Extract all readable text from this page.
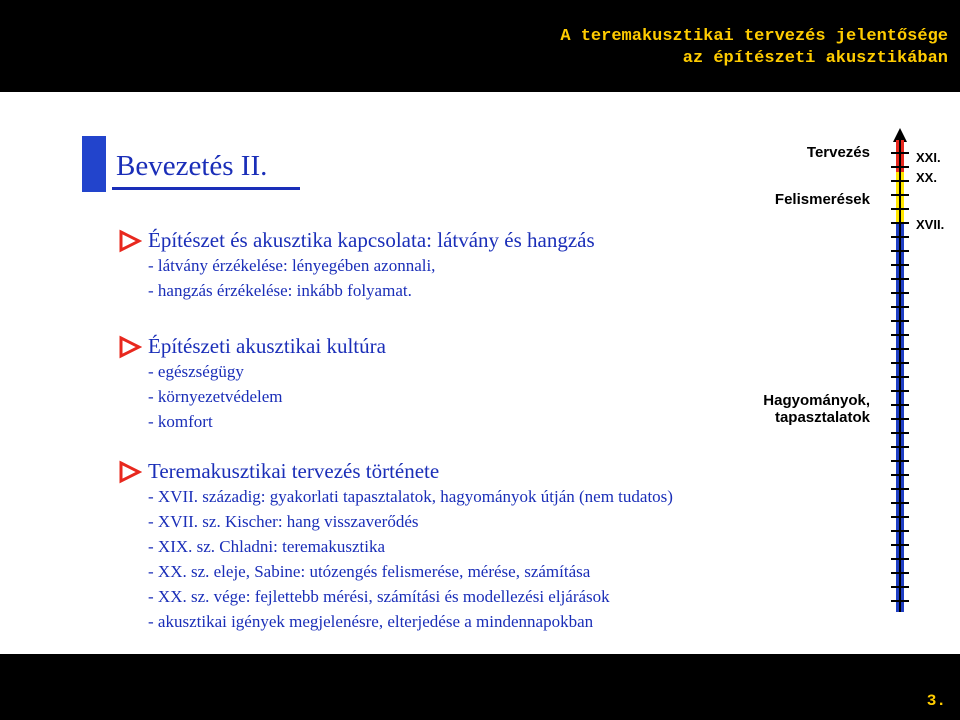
A teremakusztikai tervezés jelentősége
az építészeti akusztikában
Bevezetés II.
Építészet és akusztika kapcsolata: látvány és hangzás
- látvány érzékelése: lényegében azonnali,
- hangzás érzékelése: inkább folyamat.
Építészeti akusztikai kultúra
- egészségügy
- környezetvédelem
- komfort
Teremakusztikai tervezés története
- XVII. századig: gyakorlati tapasztalatok, hagyományok útján (nem tudatos)
- XVII. sz. Kischer: hang visszaverődés
- XIX. sz. Chladni: teremakusztika
- XX. sz. eleje, Sabine: utózengés felismerése, mérése, számítása
- XX. sz. vége: fejlettebb mérési, számítási és modellezési eljárások
- akusztikai igények megjelenésre, elterjedése a mindennapokban
Tervezés
Felismerések
Hagyományok,
tapasztalatok
XXI.
XX.
XVII.
3.
